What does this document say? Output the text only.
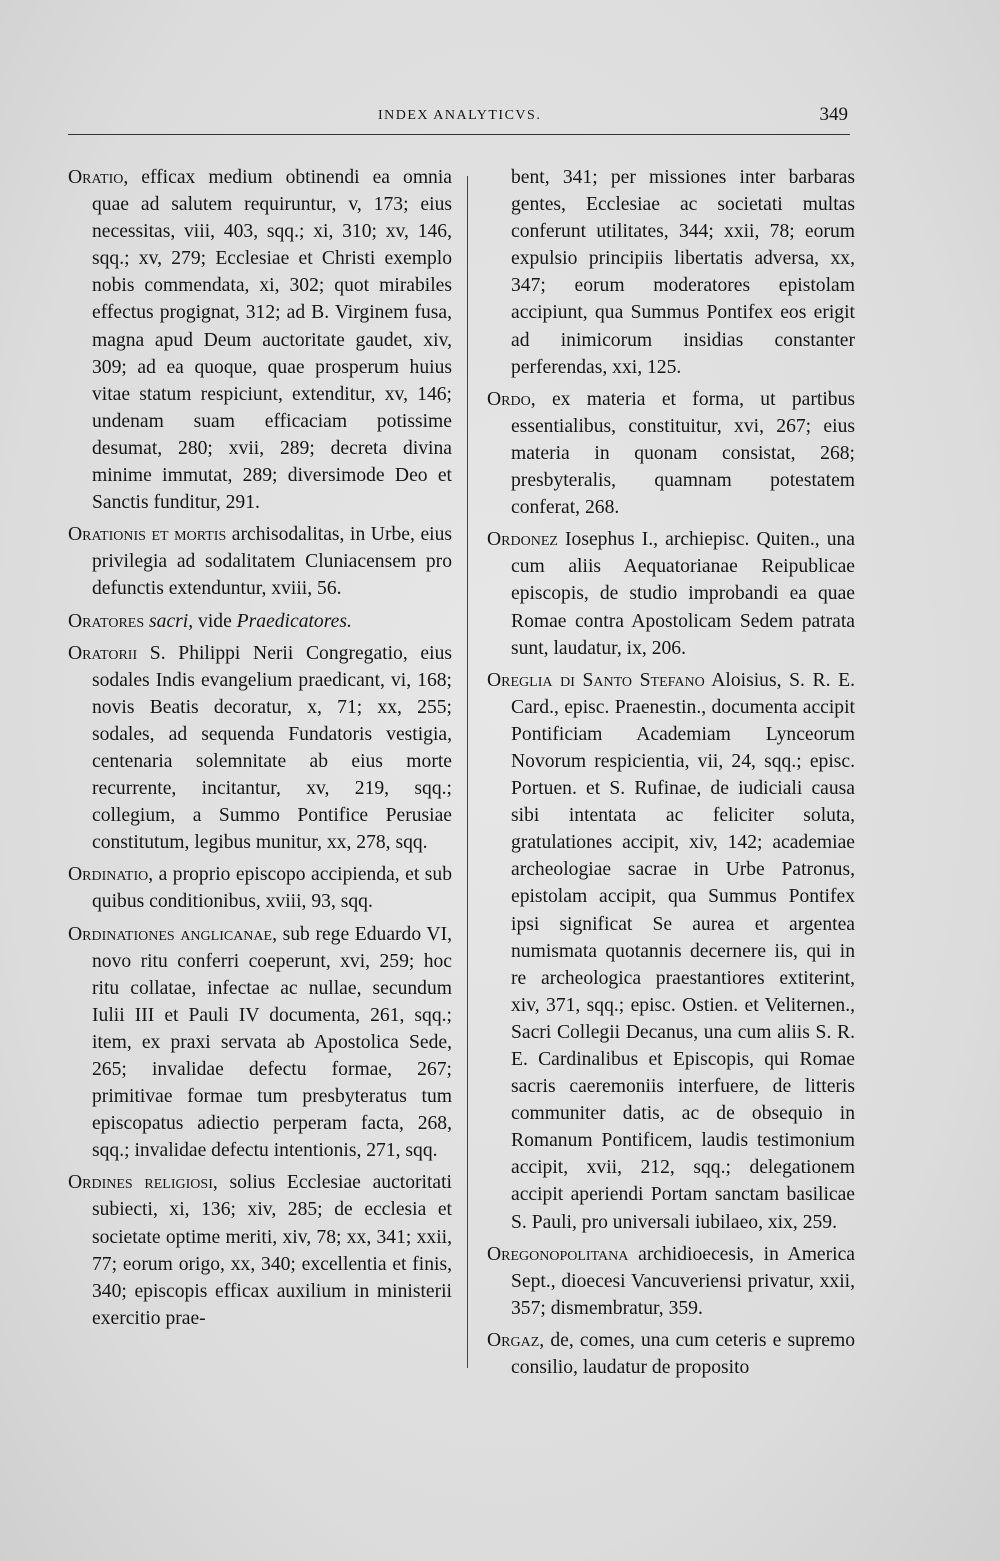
INDEX ANALYTICVS.	349

Oratio, efficax medium obtinendi ea omnia quae ad salutem requiruntur, v, 173; eius necessitas, viii, 403, sqq.; xi, 310; xv, 146, sqq.; xv, 279; Ecclesiae et Christi exemplo nobis commendata, xi, 302; quot mirabiles effectus progignat, 312; ad B. Virginem fusa, magna apud Deum auctoritate gaudet, xiv, 309; ad ea quoque, quae prosperum huius vitae statum respiciunt, extenditur, xv, 146; undenam suam efficaciam potissime desumat, 280; xvii, 289; decreta divina minime immutat, 289; diversimode Deo et Sanctis funditur, 291.

Orationis et mortis archisodalitas, in Urbe, eius privilegia ad sodalitatem Cluniacensem pro defunctis extenduntur, xviii, 56.

Oratores sacri, vide Praedicatores.

Oratorii S. Philippi Nerii Congregatio, eius sodales Indis evangelium praedicant, vi, 168; novis Beatis decoratur, x, 71; xx, 255; sodales, ad sequenda Fundatoris vestigia, centenaria solemnitate ab eius morte recurrente, incitantur, xv, 219, sqq.; collegium, a Summo Pontifice Perusiae constitutum, legibus munitur, xx, 278, sqq.

Ordinatio, a proprio episcopo accipienda, et sub quibus conditionibus, xviii, 93, sqq.

Ordinationes anglicanae, sub rege Eduardo VI, novo ritu conferri coeperunt, xvi, 259; hoc ritu collatae, infectae ac nullae, secundum Iulii III et Pauli IV documenta, 261, sqq.; item, ex praxi servata ab Apostolica Sede, 265; invalidae defectu formae, 267; primitivae formae tum presbyteratus tum episcopatus adiectio perperam facta, 268, sqq.; invalidae defectu intentionis, 271, sqq.

Ordines religiosi, solius Ecclesiae auctoritati subiecti, xi, 136; xiv, 285; de ecclesia et societate optime meriti, xiv, 78; xx, 341; xxii, 77; eorum origo, xx, 340; excellentia et finis, 340; episcopis efficax auxilium in ministerii exercitio prae-

bent, 341; per missiones inter barbaras gentes, Ecclesiae ac societati multas conferunt utilitates, 344; xxii, 78; eorum expulsio principiis libertatis adversa, xx, 347; eorum moderatores epistolam accipiunt, qua Summus Pontifex eos erigit ad inimicorum insidias constanter perferendas, xxi, 125.

Ordo, ex materia et forma, ut partibus essentialibus, constituitur, xvi, 267; eius materia in quonam consistat, 268; presbyteralis, quamnam potestatem conferat, 268.

Ordonez Iosephus I., archiepisc. Quiten., una cum aliis Aequatorianae Reipublicae episcopis, de studio improbandi ea quae Romae contra Apostolicam Sedem patrata sunt, laudatur, ix, 206.

Oreglia di Santo Stefano Aloisius, S. R. E. Card., episc. Praenestin., documenta accipit Pontificiam Academiam Lynceorum Novorum respicientia, vii, 24, sqq.; episc. Portuen. et S. Rufinae, de iudiciali causa sibi intentata ac feliciter soluta, gratulationes accipit, xiv, 142; academiae archeologiae sacrae in Urbe Patronus, epistolam accipit, qua Summus Pontifex ipsi significat Se aurea et argentea numismata quotannis decernere iis, qui in re archeologica praestantiores extiterint, xiv, 371, sqq.; episc. Ostien. et Veliternen., Sacri Collegii Decanus, una cum aliis S. R. E. Cardinalibus et Episcopis, qui Romae sacris caeremoniis interfuere, de litteris communiter datis, ac de obsequio in Romanum Pontificem, laudis testimonium accipit, xvii, 212, sqq.; delegationem accipit aperiendi Portam sanctam basilicae S. Pauli, pro universali iubilaeo, xix, 259.

Oregonopolitana archidioecesis, in America Sept., dioecesi Vancuveriensi privatur, xxii, 357; dismembratur, 359.

Orgaz, de, comes, una cum ceteris e supremo consilio, laudatur de proposito
